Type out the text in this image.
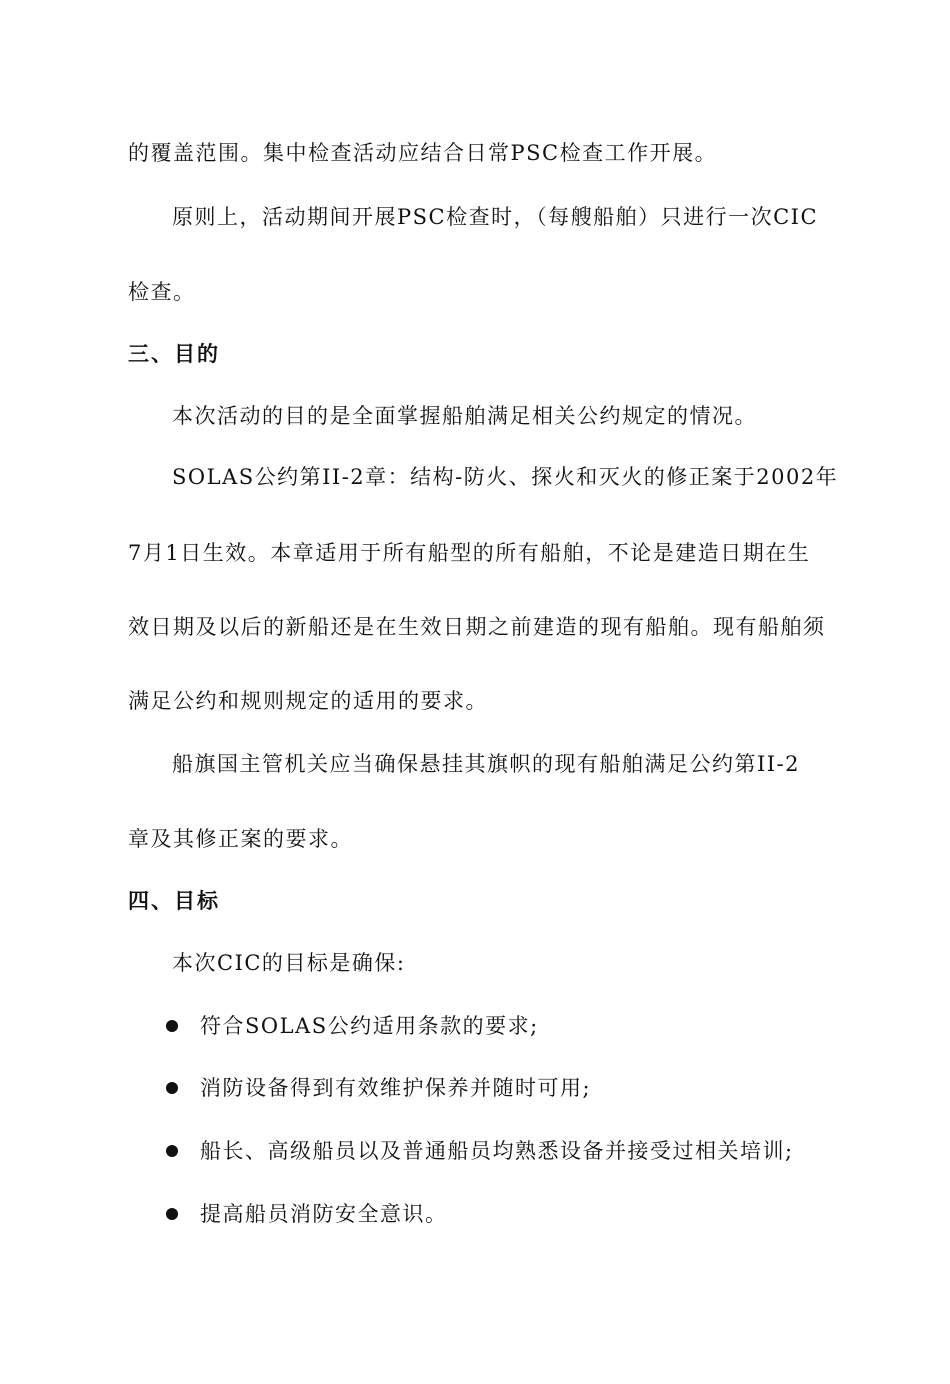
的覆盖范围。集中检查活动应结合日常PSC检查工作开展。
原则上，活动期间开展PSC检查时，（每艘船舶）只进行一次CIC
检查。
三、目的
本次活动的目的是全面掌握船舶满足相关公约规定的情况。
SOLAS公约第II-2章：结构-防火、探火和灭火的修正案于2002年
7月1日生效。本章适用于所有船型的所有船舶，不论是建造日期在生
效日期及以后的新船还是在生效日期之前建造的现有船舶。现有船舶须
满足公约和规则规定的适用的要求。
船旗国主管机关应当确保悬挂其旗帜的现有船舶满足公约第II-2
章及其修正案的要求。
四、目标
本次CIC的目标是确保:
符合SOLAS公约适用条款的要求;
消防设备得到有效维护保养并随时可用;
船长、高级船员以及普通船员均熟悉设备并接受过相关培训;
提高船员消防安全意识。
